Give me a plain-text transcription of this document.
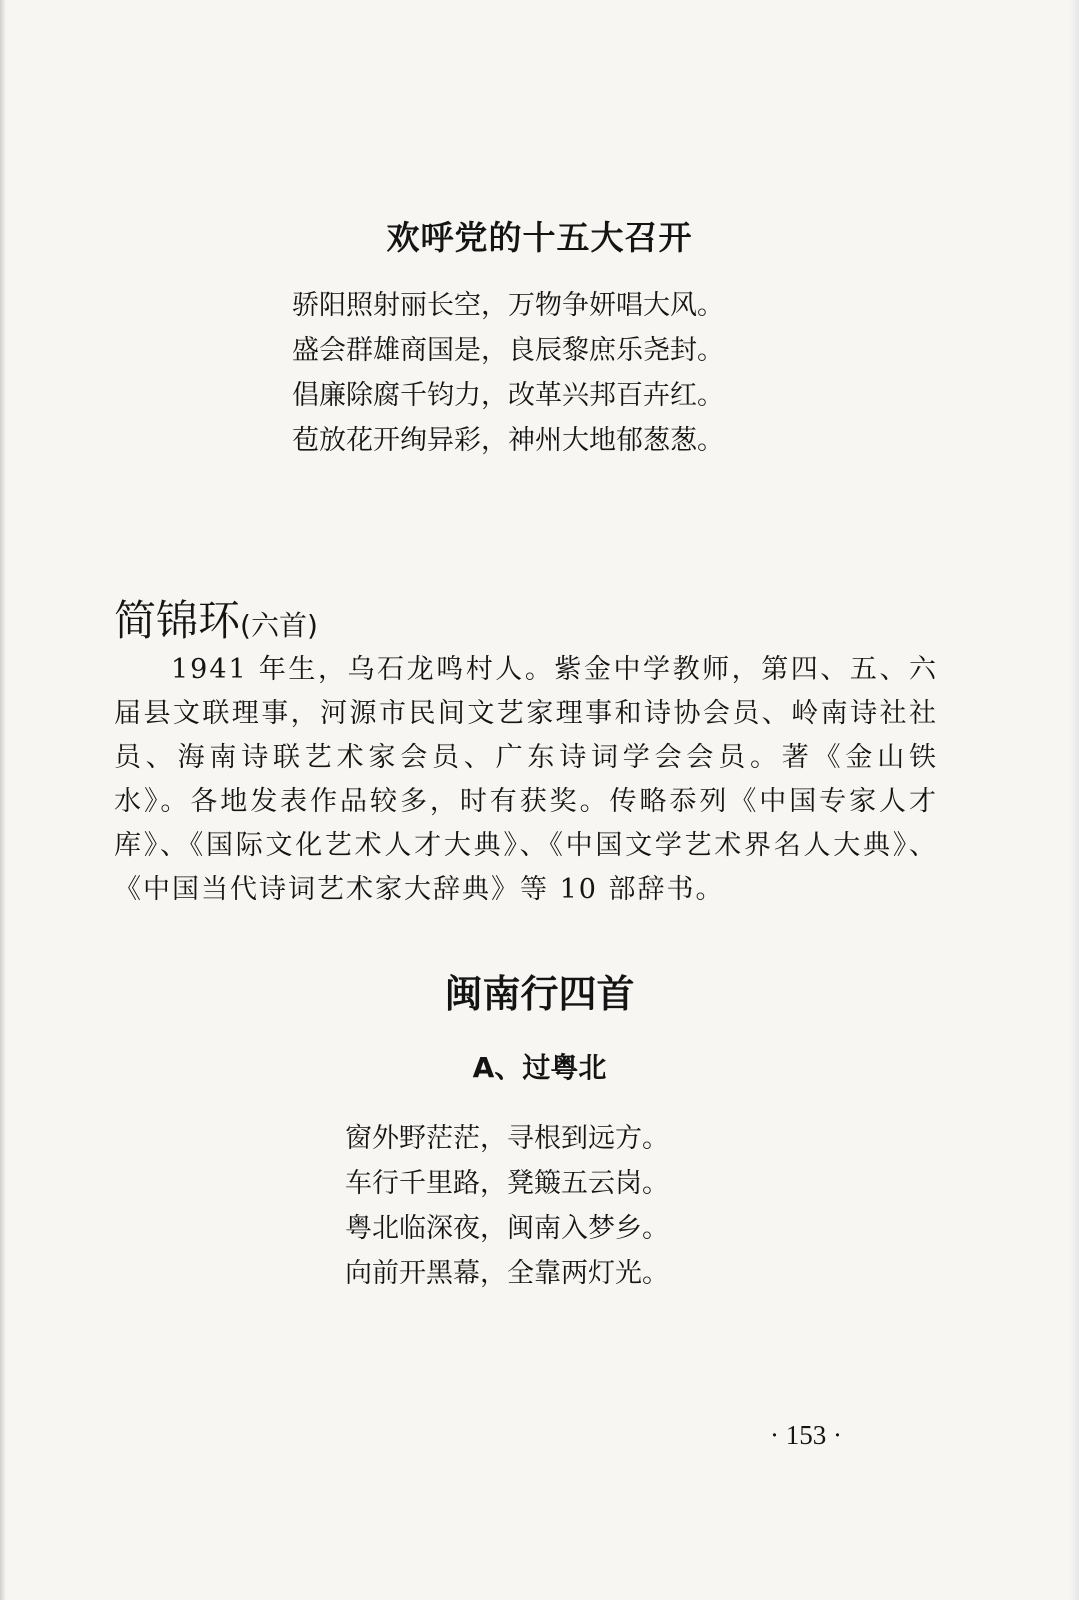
欢呼党的十五大召开
骄阳照射丽长空，万物争妍唱大风。
盛会群雄商国是，良辰黎庶乐尧封。
倡廉除腐千钧力，改革兴邦百卉红。
苞放花开绚异彩，神州大地郁葱葱。
简锦环(六首)
1941 年生，乌石龙鸣村人。紫金中学教师，第四、五、六届县文联理事，河源市民间文艺家理事和诗协会员、岭南诗社社员、海南诗联艺术家会员、广东诗词学会会员。著《金山铁水》。各地发表作品较多，时有获奖。传略忝列《中国专家人才库》、《国际文化艺术人才大典》、《中国文学艺术界名人大典》、《中国当代诗词艺术家大辞典》等 10 部辞书。
闽南行四首
A、过粤北
窗外野茫茫，寻根到远方。
车行千里路，凳簸五云岗。
粤北临深夜，闽南入梦乡。
向前开黑幕，全靠两灯光。
· 153 ·
